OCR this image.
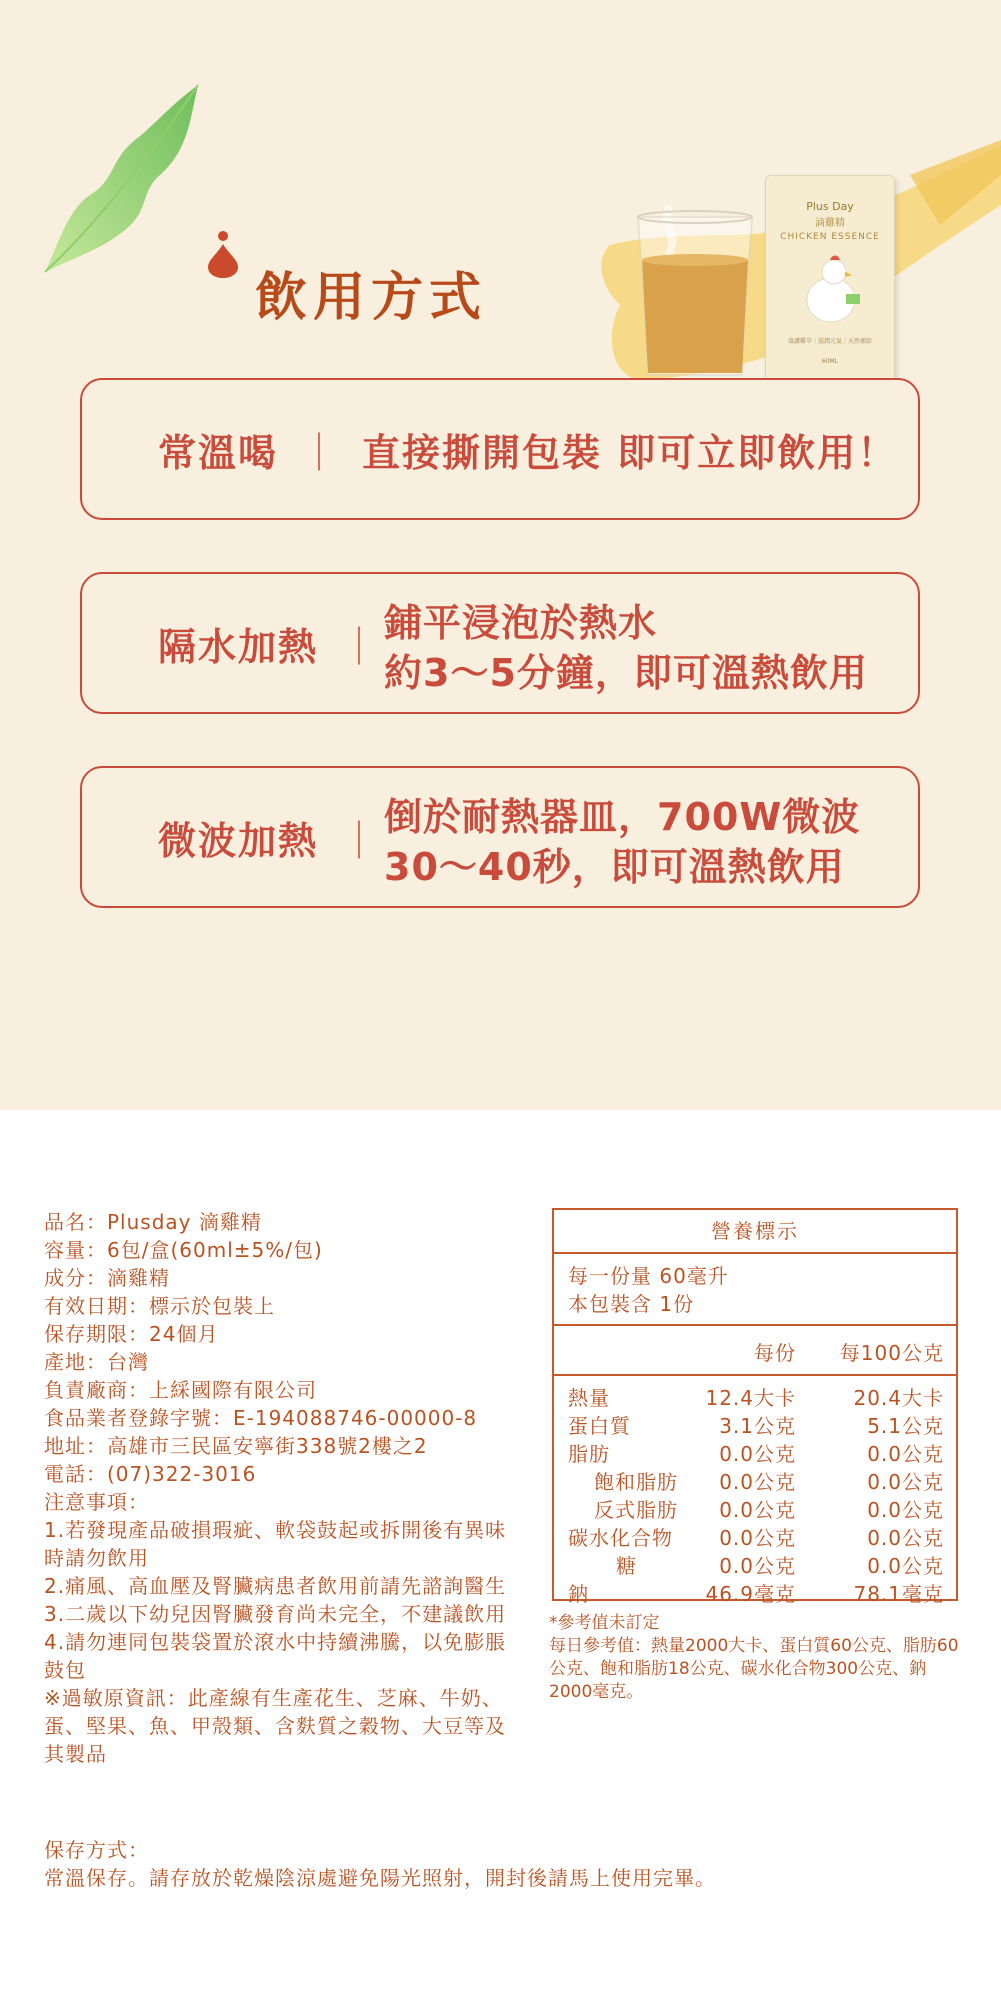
飲用方式
Plus Day
滴雞精
CHICKEN ESSENCE
溫濃雞萃｜滋潤元氣｜天然補給
60ML
常溫喝 ｜ 直接撕開包裝 即可立即飲用！
隔水加熱 ｜
鋪平浸泡於熱水
約3～5分鐘，即可溫熱飲用
微波加熱 ｜
倒於耐熱器皿，700W微波
30～40秒，即可溫熱飲用
品名：Plusday 滴雞精
容量：6包/盒(60ml±5%/包)
成分：滴雞精
有效日期：標示於包裝上
保存期限：24個月
產地：台灣
負責廠商：上綵國際有限公司
食品業者登錄字號：E-194088746-00000-8
地址：高雄市三民區安寧街338號2樓之2
電話：(07)322-3016
注意事項：
1.若發現產品破損瑕疵、軟袋鼓起或拆開後有異味時請勿飲用
2.痛風、高血壓及腎臟病患者飲用前請先諮詢醫生
3.二歲以下幼兒因腎臟發育尚未完全，不建議飲用
4.請勿連同包裝袋置於滾水中持續沸騰，以免膨脹鼓包
※過敏原資訊：此產線有生產花生、芝麻、牛奶、蛋、堅果、魚、甲殼類、含麩質之穀物、大豆等及其製品
保存方式：
常溫保存。請存放於乾燥陰涼處避免陽光照射，開封後請馬上使用完畢。
營養標示
每一份量 60毫升
本包裝含 1份
每份 每100公克
熱量	12.4大卡	20.4大卡
蛋白質	3.1公克	5.1公克
脂肪	0.0公克	0.0公克
飽和脂肪 0.0公克	0.0公克
反式脂肪 0.0公克	0.0公克
碳水化合物 0.0公克	0.0公克
糖	0.0公克	0.0公克
鈉	46.9毫克	78.1毫克
*參考值未訂定
每日參考值：熱量2000大卡、蛋白質60公克、脂肪60公克、飽和脂肪18公克、碳水化合物300公克、鈉2000毫克。
